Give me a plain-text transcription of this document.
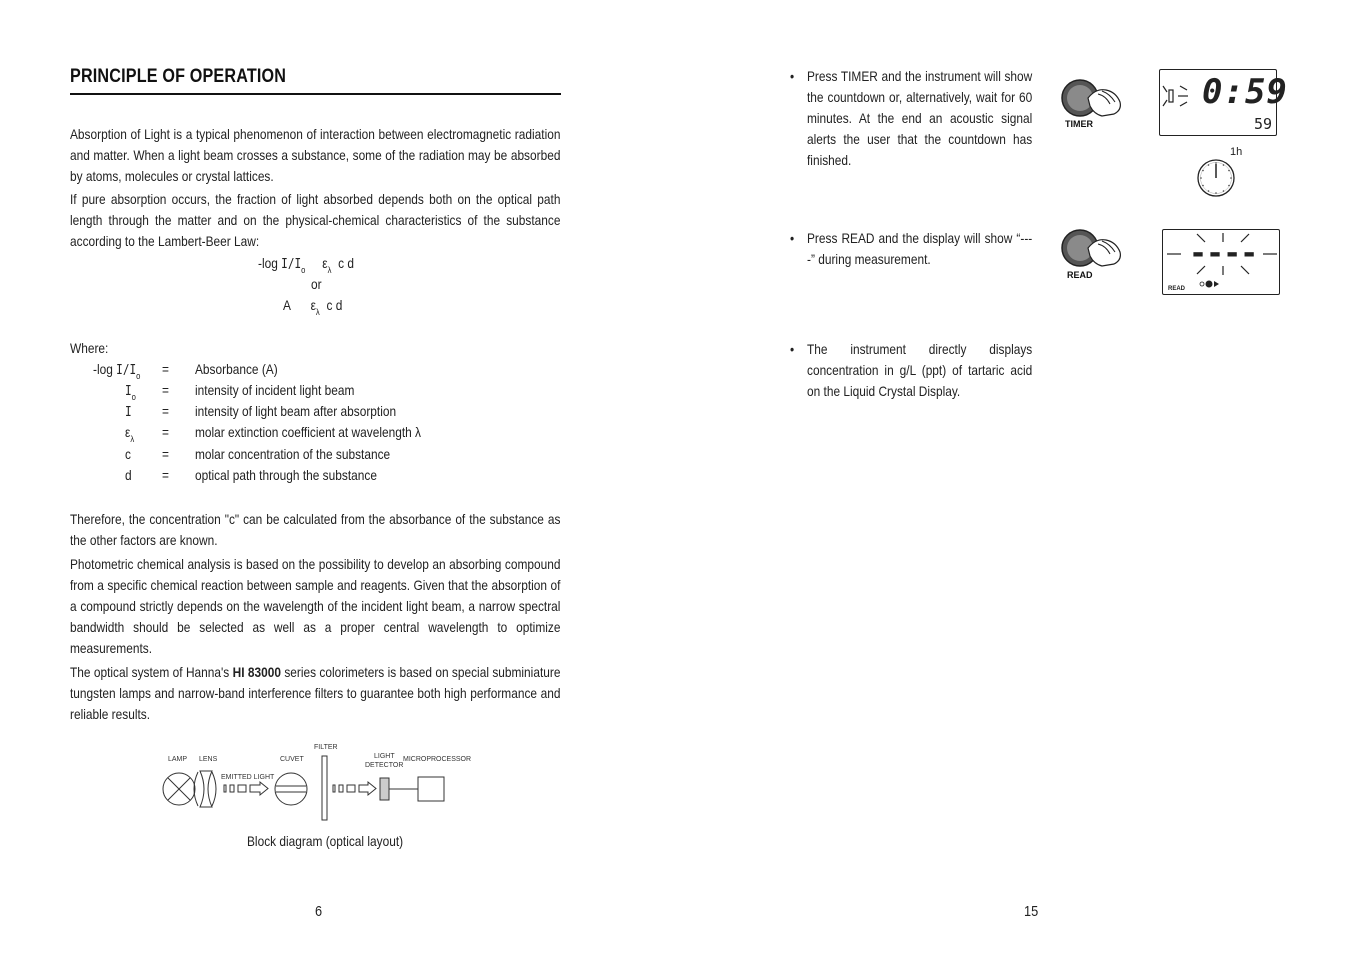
PRINCIPLE OF OPERATION

Absorption of Light is a typical phenomenon of interaction between electromagnetic radiation and matter. When a light beam crosses a substance, some of the radiation may be absorbed by atoms, molecules or crystal lattices.

If pure absorption occurs, the fraction of light absorbed depends both on the optical path length through the matter and on the physical-chemical characteristics of the substance according to the Lambert-Beer Law:

-log $I/I_o$ $\varepsilon_\lambda$ c d
or
A $\varepsilon_\lambda$ c d
Where:
-log $I/I_o$
$I_o$
I
$\varepsilon_\lambda$
c
d
=
=
=
=
=
=
Absorbance (A)
intensity of incident light beam
intensity of light beam after absorption
molar extinction coefficient at wavelength λ
molar concentration of the substance
optical path through the substance

Therefore, the concentration "c" can be calculated from the absorbance of the substance as the other factors are known.

Photometric chemical analysis is based on the possibility to develop an absorbing compound from a specific chemical reaction between sample and reagents. Given that the absorption of a compound strictly depends on the wavelength of the incident light beam, a narrow spectral bandwidth should be selected as well as a proper central wavelength to optimize measurements.

The optical system of Hanna's HI 83000 series colorimeters is based on special subminiature tungsten lamps and narrow-band interference filters to guarantee both high performance and reliable results.

LAMP LENS
EMITTED LIGHT
CUVET
FILTER
LIGHT
DETECTOR
MICROPROCESSOR
Block diagram (optical layout)
6
• Press TIMER and the instrument will show the countdown or, alternatively, wait for 60 minutes. At the end an acoustic signal alerts the user that the countdown has finished.
• Press READ and the display will show “----” during measurement.
• The instrument directly displays concentration in g/L (ppt) of tartaric acid on the Liquid Crystal Display.
TIMER
0:59
59
1h
READ
----
READ
15
